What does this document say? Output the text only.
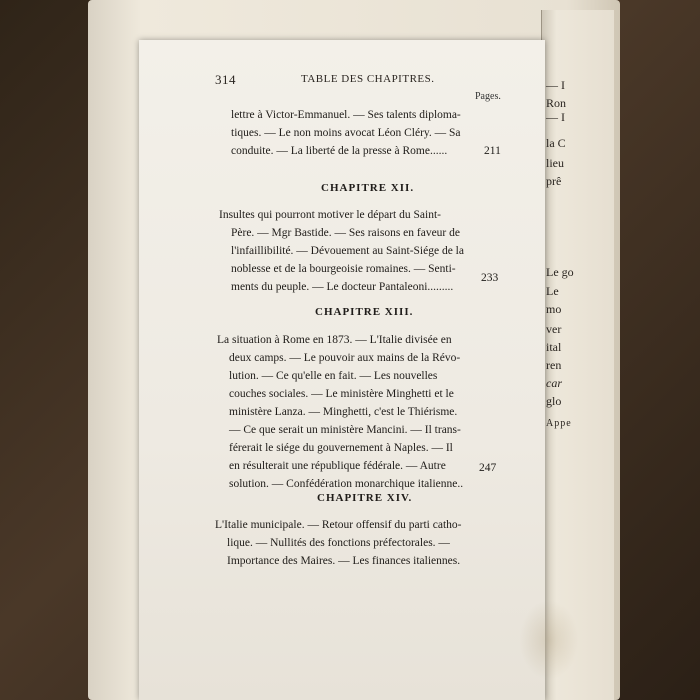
— I
Ron
— I
la C
lieu
prê
Le go
Le
mo
ver
ital
ren
car
glo
Appe
314	TABLE DES CHAPITRES.
Pages.
lettre à Victor-Emmanuel. — Ses talents diploma-
tiques. — Le non moins avocat Léon Cléry. — Sa
conduite. — La liberté de la presse à Rome......	211
CHAPITRE XII.
Insultes qui pourront motiver le départ du Saint-
Père. — Mgr Bastide. — Ses raisons en faveur de
l'infaillibilité. — Dévouement au Saint-Siége de la
noblesse et de la bourgeoisie romaines. — Senti-
ments du peuple. — Le docteur Pantaleoni.........
233
CHAPITRE XIII.
La situation à Rome en 1873. — L'Italie divisée en
deux camps. — Le pouvoir aux mains de la Révo-
lution. — Ce qu'elle en fait. — Les nouvelles
couches sociales. — Le ministère Minghetti et le
ministère Lanza. — Minghetti, c'est le Thiérisme.
— Ce que serait un ministère Mancini. — Il trans-
férerait le siége du gouvernement à Naples. — Il
en résulterait une république fédérale. — Autre
solution. — Confédération monarchique italienne..
247
CHAPITRE XIV.
L'Italie municipale. — Retour offensif du parti catho-
lique. — Nullités des fonctions préfectorales. —
Importance des Maires. — Les finances italiennes.
